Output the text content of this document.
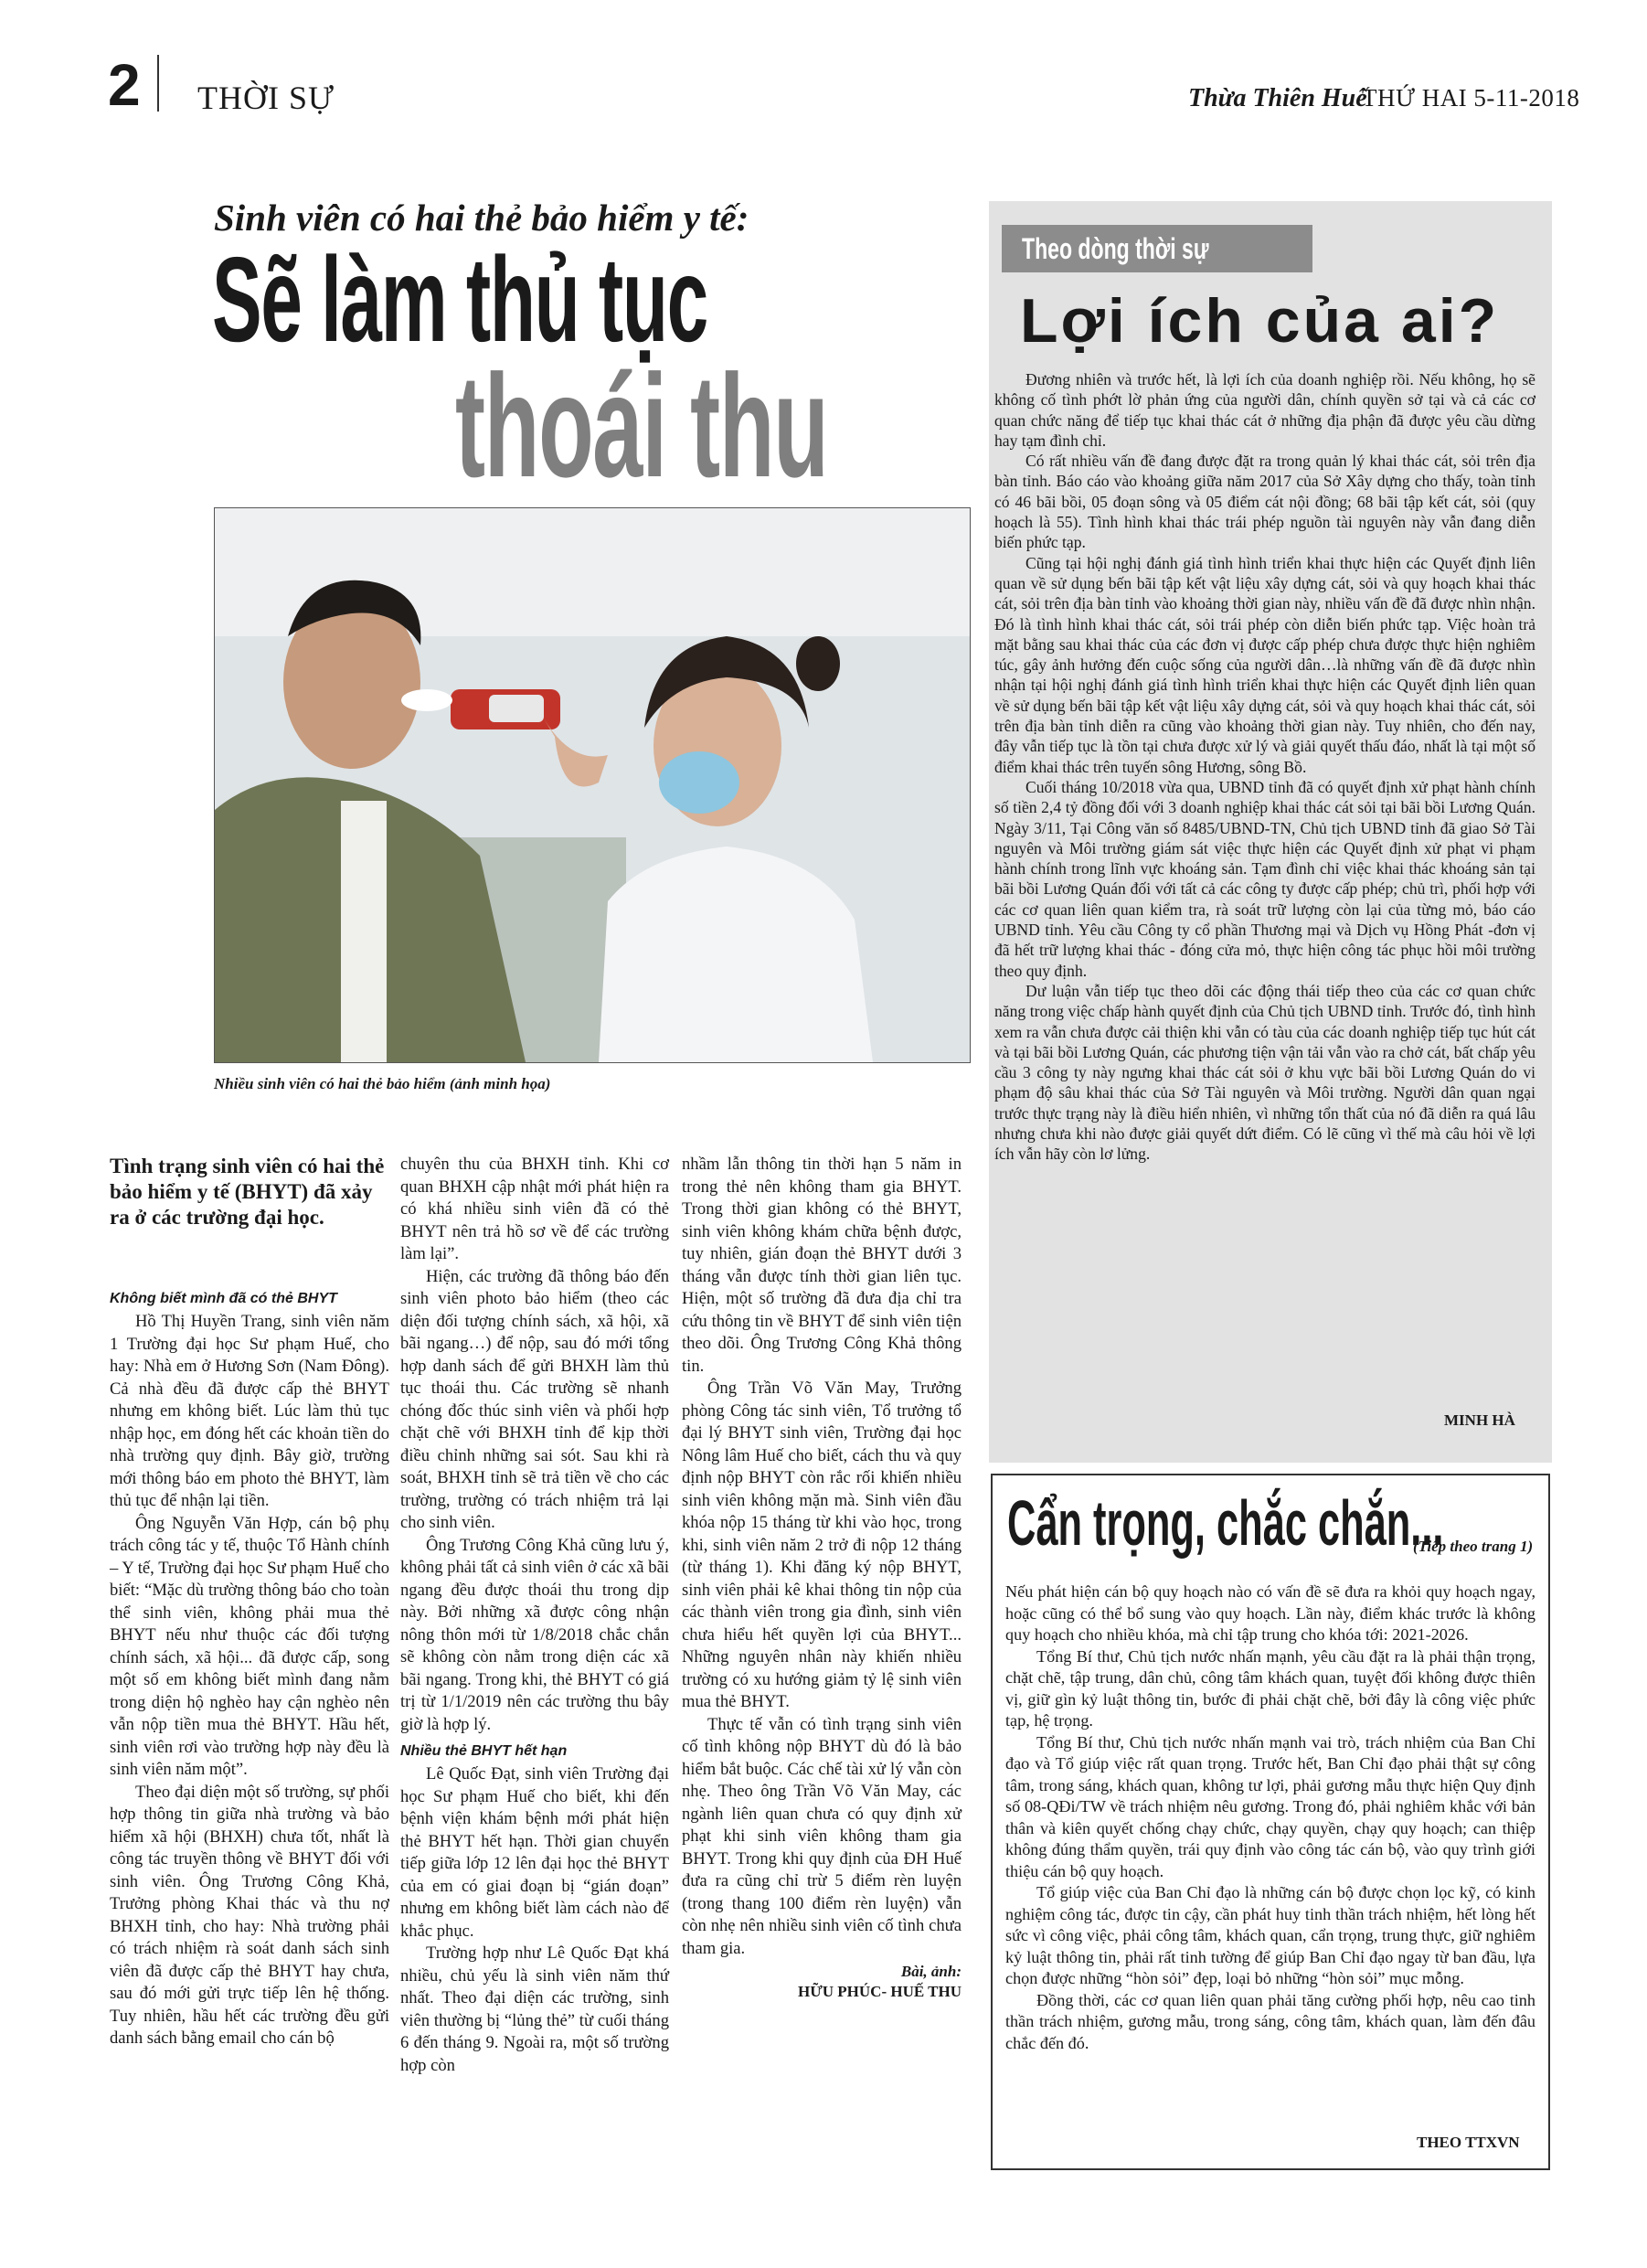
2 THỜI SỰ	Thừa Thiên Huế
THỨ HAI 5-11-2018
Sinh viên có hai thẻ bảo hiểm y tế:
Sẽ làm thủ tục
thoái thu
Nhiều sinh viên có hai thẻ bảo hiểm (ảnh minh họa)
Tình trạng sinh viên có hai thẻ bảo hiểm y tế (BHYT) đã xảy ra ở các trường đại học.
Không biết mình đã có thẻ BHYT

Hồ Thị Huyền Trang, sinh viên năm 1 Trường đại học Sư phạm Huế, cho hay: Nhà em ở Hương Sơn (Nam Đông). Cả nhà đều đã được cấp thẻ BHYT nhưng em không biết. Lúc làm thủ tục nhập học, em đóng hết các khoản tiền do nhà trường quy định. Bây giờ, trường mới thông báo em photo thẻ BHYT, làm thủ tục để nhận lại tiền.

Ông Nguyễn Văn Hợp, cán bộ phụ trách công tác y tế, thuộc Tổ Hành chính – Y tế, Trường đại học Sư phạm Huế cho biết: “Mặc dù trường thông báo cho toàn thể sinh viên, không phải mua thẻ BHYT nếu như thuộc các đối tượng chính sách, xã hội... đã được cấp, song một số em không biết mình đang nằm trong diện hộ nghèo hay cận nghèo nên vẫn nộp tiền mua thẻ BHYT. Hầu hết, sinh viên rơi vào trường hợp này đều là sinh viên năm một”.

Theo đại diện một số trường, sự phối hợp thông tin giữa nhà trường và bảo hiểm xã hội (BHXH) chưa tốt, nhất là công tác truyền thông về BHYT đối với sinh viên. Ông Trương Công Khả, Trưởng phòng Khai thác và thu nợ BHXH tỉnh, cho hay: Nhà trường phải có trách nhiệm rà soát danh sách sinh viên đã được cấp thẻ BHYT hay chưa, sau đó mới gửi trực tiếp lên hệ thống. Tuy nhiên, hầu hết các trường đều gửi danh sách bằng email cho cán bộ

chuyên thu của BHXH tỉnh. Khi cơ quan BHXH cập nhật mới phát hiện ra có khá nhiều sinh viên đã có thẻ BHYT nên trả hồ sơ về để các trường làm lại”.

Hiện, các trường đã thông báo đến sinh viên photo bảo hiểm (theo các diện đối tượng chính sách, xã hội, xã bãi ngang…) để nộp, sau đó mới tổng hợp danh sách để gửi BHXH làm thủ tục thoái thu. Các trường sẽ nhanh chóng đốc thúc sinh viên và phối hợp chặt chẽ với BHXH tỉnh để kịp thời điều chỉnh những sai sót. Sau khi rà soát, BHXH tỉnh sẽ trả tiền về cho các trường, trường có trách nhiệm trả lại cho sinh viên.

Ông Trương Công Khả cũng lưu ý, không phải tất cả sinh viên ở các xã bãi ngang đều được thoái thu trong dịp này. Bởi những xã được công nhận nông thôn mới từ 1/8/2018 chắc chắn sẽ không còn nằm trong diện các xã bãi ngang. Trong khi, thẻ BHYT có giá trị từ 1/1/2019 nên các trường thu bây giờ là hợp lý.

Nhiều thẻ BHYT hết hạn

Lê Quốc Đạt, sinh viên Trường đại học Sư phạm Huế cho biết, khi đến bệnh viện khám bệnh mới phát hiện thẻ BHYT hết hạn. Thời gian chuyển tiếp giữa lớp 12 lên đại học thẻ BHYT của em có giai đoạn bị “gián đoạn” nhưng em không biết làm cách nào để khắc phục.

Trường hợp như Lê Quốc Đạt khá nhiều, chủ yếu là sinh viên năm thứ nhất. Theo đại diện các trường, sinh viên thường bị “lủng thẻ” từ cuối tháng 6 đến tháng 9. Ngoài ra, một số trường hợp còn

nhầm lẫn thông tin thời hạn 5 năm in trong thẻ nên không tham gia BHYT. Trong thời gian không có thẻ BHYT, sinh viên không khám chữa bệnh được, tuy nhiên, gián đoạn thẻ BHYT dưới 3 tháng vẫn được tính thời gian liên tục. Hiện, một số trường đã đưa địa chỉ tra cứu thông tin về BHYT để sinh viên tiện theo dõi. Ông Trương Công Khả thông tin.

Ông Trần Võ Văn May, Trưởng phòng Công tác sinh viên, Tổ trưởng tổ đại lý BHYT sinh viên, Trường đại học Nông lâm Huế cho biết, cách thu và quy định nộp BHYT còn rắc rối khiến nhiều sinh viên không mặn mà. Sinh viên đầu khóa nộp 15 tháng từ khi vào học, trong khi, sinh viên năm 2 trở đi nộp 12 tháng (từ tháng 1). Khi đăng ký nộp BHYT, sinh viên phải kê khai thông tin nộp của các thành viên trong gia đình, sinh viên chưa hiểu hết quyền lợi của BHYT... Những nguyên nhân này khiến nhiều trường có xu hướng giảm tỷ lệ sinh viên mua thẻ BHYT.

Thực tế vẫn có tình trạng sinh viên cố tình không nộp BHYT dù đó là bảo hiểm bắt buộc. Các chế tài xử lý vẫn còn nhẹ. Theo ông Trần Võ Văn May, các ngành liên quan chưa có quy định xử phạt khi sinh viên không tham gia BHYT. Trong khi quy định của ĐH Huế đưa ra cũng chỉ trừ 5 điểm rèn luyện (trong thang 100 điểm rèn luyện) vẫn còn nhẹ nên nhiều sinh viên cố tình chưa tham gia.

Bài, ảnh:
HỮU PHÚC- HUẾ THU
Theo dòng thời sự
Lợi ích của ai?

Đương nhiên và trước hết, là lợi ích của doanh nghiệp rồi. Nếu không, họ sẽ không cố tình phớt lờ phản ứng của người dân, chính quyền sở tại và cả các cơ quan chức năng để tiếp tục khai thác cát ở những địa phận đã được yêu cầu dừng hay tạm đình chỉ.

Có rất nhiều vấn đề đang được đặt ra trong quản lý khai thác cát, sỏi trên địa bàn tỉnh. Báo cáo vào khoảng giữa năm 2017 của Sở Xây dựng cho thấy, toàn tỉnh có 46 bãi bồi, 05 đoạn sông và 05 điểm cát nội đồng; 68 bãi tập kết cát, sỏi (quy hoạch là 55). Tình hình khai thác trái phép nguồn tài nguyên này vẫn đang diễn biến phức tạp.

Cũng tại hội nghị đánh giá tình hình triển khai thực hiện các Quyết định liên quan về sử dụng bến bãi tập kết vật liệu xây dựng cát, sỏi và quy hoạch khai thác cát, sỏi trên địa bàn tỉnh vào khoảng thời gian này, nhiều vấn đề đã được nhìn nhận. Đó là tình hình khai thác cát, sỏi trái phép còn diễn biến phức tạp. Việc hoàn trả mặt bằng sau khai thác của các đơn vị được cấp phép chưa được thực hiện nghiêm túc, gây ảnh hưởng đến cuộc sống của người dân…là những vấn đề đã được nhìn nhận tại hội nghị đánh giá tình hình triển khai thực hiện các Quyết định liên quan về sử dụng bến bãi tập kết vật liệu xây dựng cát, sỏi và quy hoạch khai thác cát, sỏi trên địa bàn tỉnh diễn ra cũng vào khoảng thời gian này. Tuy nhiên, cho đến nay, đây vẫn tiếp tục là tồn tại chưa được xử lý và giải quyết thấu đáo, nhất là tại một số điểm khai thác trên tuyến sông Hương, sông Bồ.

Cuối tháng 10/2018 vừa qua, UBND tỉnh đã có quyết định xử phạt hành chính số tiền 2,4 tỷ đồng đối với 3 doanh nghiệp khai thác cát sỏi tại bãi bồi Lương Quán. Ngày 3/11, Tại Công văn số 8485/UBND-TN, Chủ tịch UBND tỉnh đã giao Sở Tài nguyên và Môi trường giám sát việc thực hiện các Quyết định xử phạt vi phạm hành chính trong lĩnh vực khoáng sản. Tạm đình chỉ việc khai thác khoáng sản tại bãi bồi Lương Quán đối với tất cả các công ty được cấp phép; chủ trì, phối hợp với các cơ quan liên quan kiểm tra, rà soát trữ lượng còn lại của từng mỏ, báo cáo UBND tỉnh. Yêu cầu Công ty cổ phần Thương mại và Dịch vụ Hồng Phát -đơn vị đã hết trữ lượng khai thác - đóng cửa mỏ, thực hiện công tác phục hồi môi trường theo quy định.

Dư luận vẫn tiếp tục theo dõi các động thái tiếp theo của các cơ quan chức năng trong việc chấp hành quyết định của Chủ tịch UBND tỉnh. Trước đó, tình hình xem ra vẫn chưa được cải thiện khi vẫn có tàu của các doanh nghiệp tiếp tục hút cát và tại bãi bồi Lương Quán, các phương tiện vận tải vẫn vào ra chở cát, bất chấp yêu cầu 3 công ty này ngưng khai thác cát sỏi ở khu vực bãi bồi Lương Quán do vi phạm độ sâu khai thác của Sở Tài nguyên và Môi trường. Người dân quan ngại trước thực trạng này là điều hiển nhiên, vì những tổn thất của nó đã diễn ra quá lâu nhưng chưa khi nào được giải quyết dứt điểm. Có lẽ cũng vì thế mà câu hỏi về lợi ích vẫn hãy còn lơ lửng.

MINH HÀ
Cẩn trọng, chắc chắn...
(Tiếp theo trang 1)

Nếu phát hiện cán bộ quy hoạch nào có vấn đề sẽ đưa ra khỏi quy hoạch ngay, hoặc cũng có thể bổ sung vào quy hoạch. Lần này, điểm khác trước là không quy hoạch cho nhiều khóa, mà chỉ tập trung cho khóa tới: 2021-2026.

Tổng Bí thư, Chủ tịch nước nhấn mạnh, yêu cầu đặt ra là phải thận trọng, chặt chẽ, tập trung, dân chủ, công tâm khách quan, tuyệt đối không được thiên vị, giữ gìn kỷ luật thông tin, bước đi phải chặt chẽ, bởi đây là công việc phức tạp, hệ trọng.

Tổng Bí thư, Chủ tịch nước nhấn mạnh vai trò, trách nhiệm của Ban Chỉ đạo và Tổ giúp việc rất quan trọng. Trước hết, Ban Chỉ đạo phải thật sự công tâm, trong sáng, khách quan, không tư lợi, phải gương mẫu thực hiện Quy định số 08-QĐi/TW về trách nhiệm nêu gương. Trong đó, phải nghiêm khắc với bản thân và kiên quyết chống chạy chức, chạy quyền, chạy quy hoạch; can thiệp không đúng thẩm quyền, trái quy định vào công tác cán bộ, vào quy trình giới thiệu cán bộ quy hoạch.

Tổ giúp việc của Ban Chỉ đạo là những cán bộ được chọn lọc kỹ, có kinh nghiệm công tác, được tin cậy, cần phát huy tinh thần trách nhiệm, hết lòng hết sức vì công việc, phải công tâm, khách quan, cẩn trọng, trung thực, giữ nghiêm kỷ luật thông tin, phải rất tinh tường để giúp Ban Chỉ đạo ngay từ ban đầu, lựa chọn được những “hòn sỏi” đẹp, loại bỏ những “hòn sỏi” mục mỗng.

Đồng thời, các cơ quan liên quan phải tăng cường phối hợp, nêu cao tinh thần trách nhiệm, gương mẫu, trong sáng, công tâm, khách quan, làm đến đâu chắc đến đó.

THEO TTXVN
